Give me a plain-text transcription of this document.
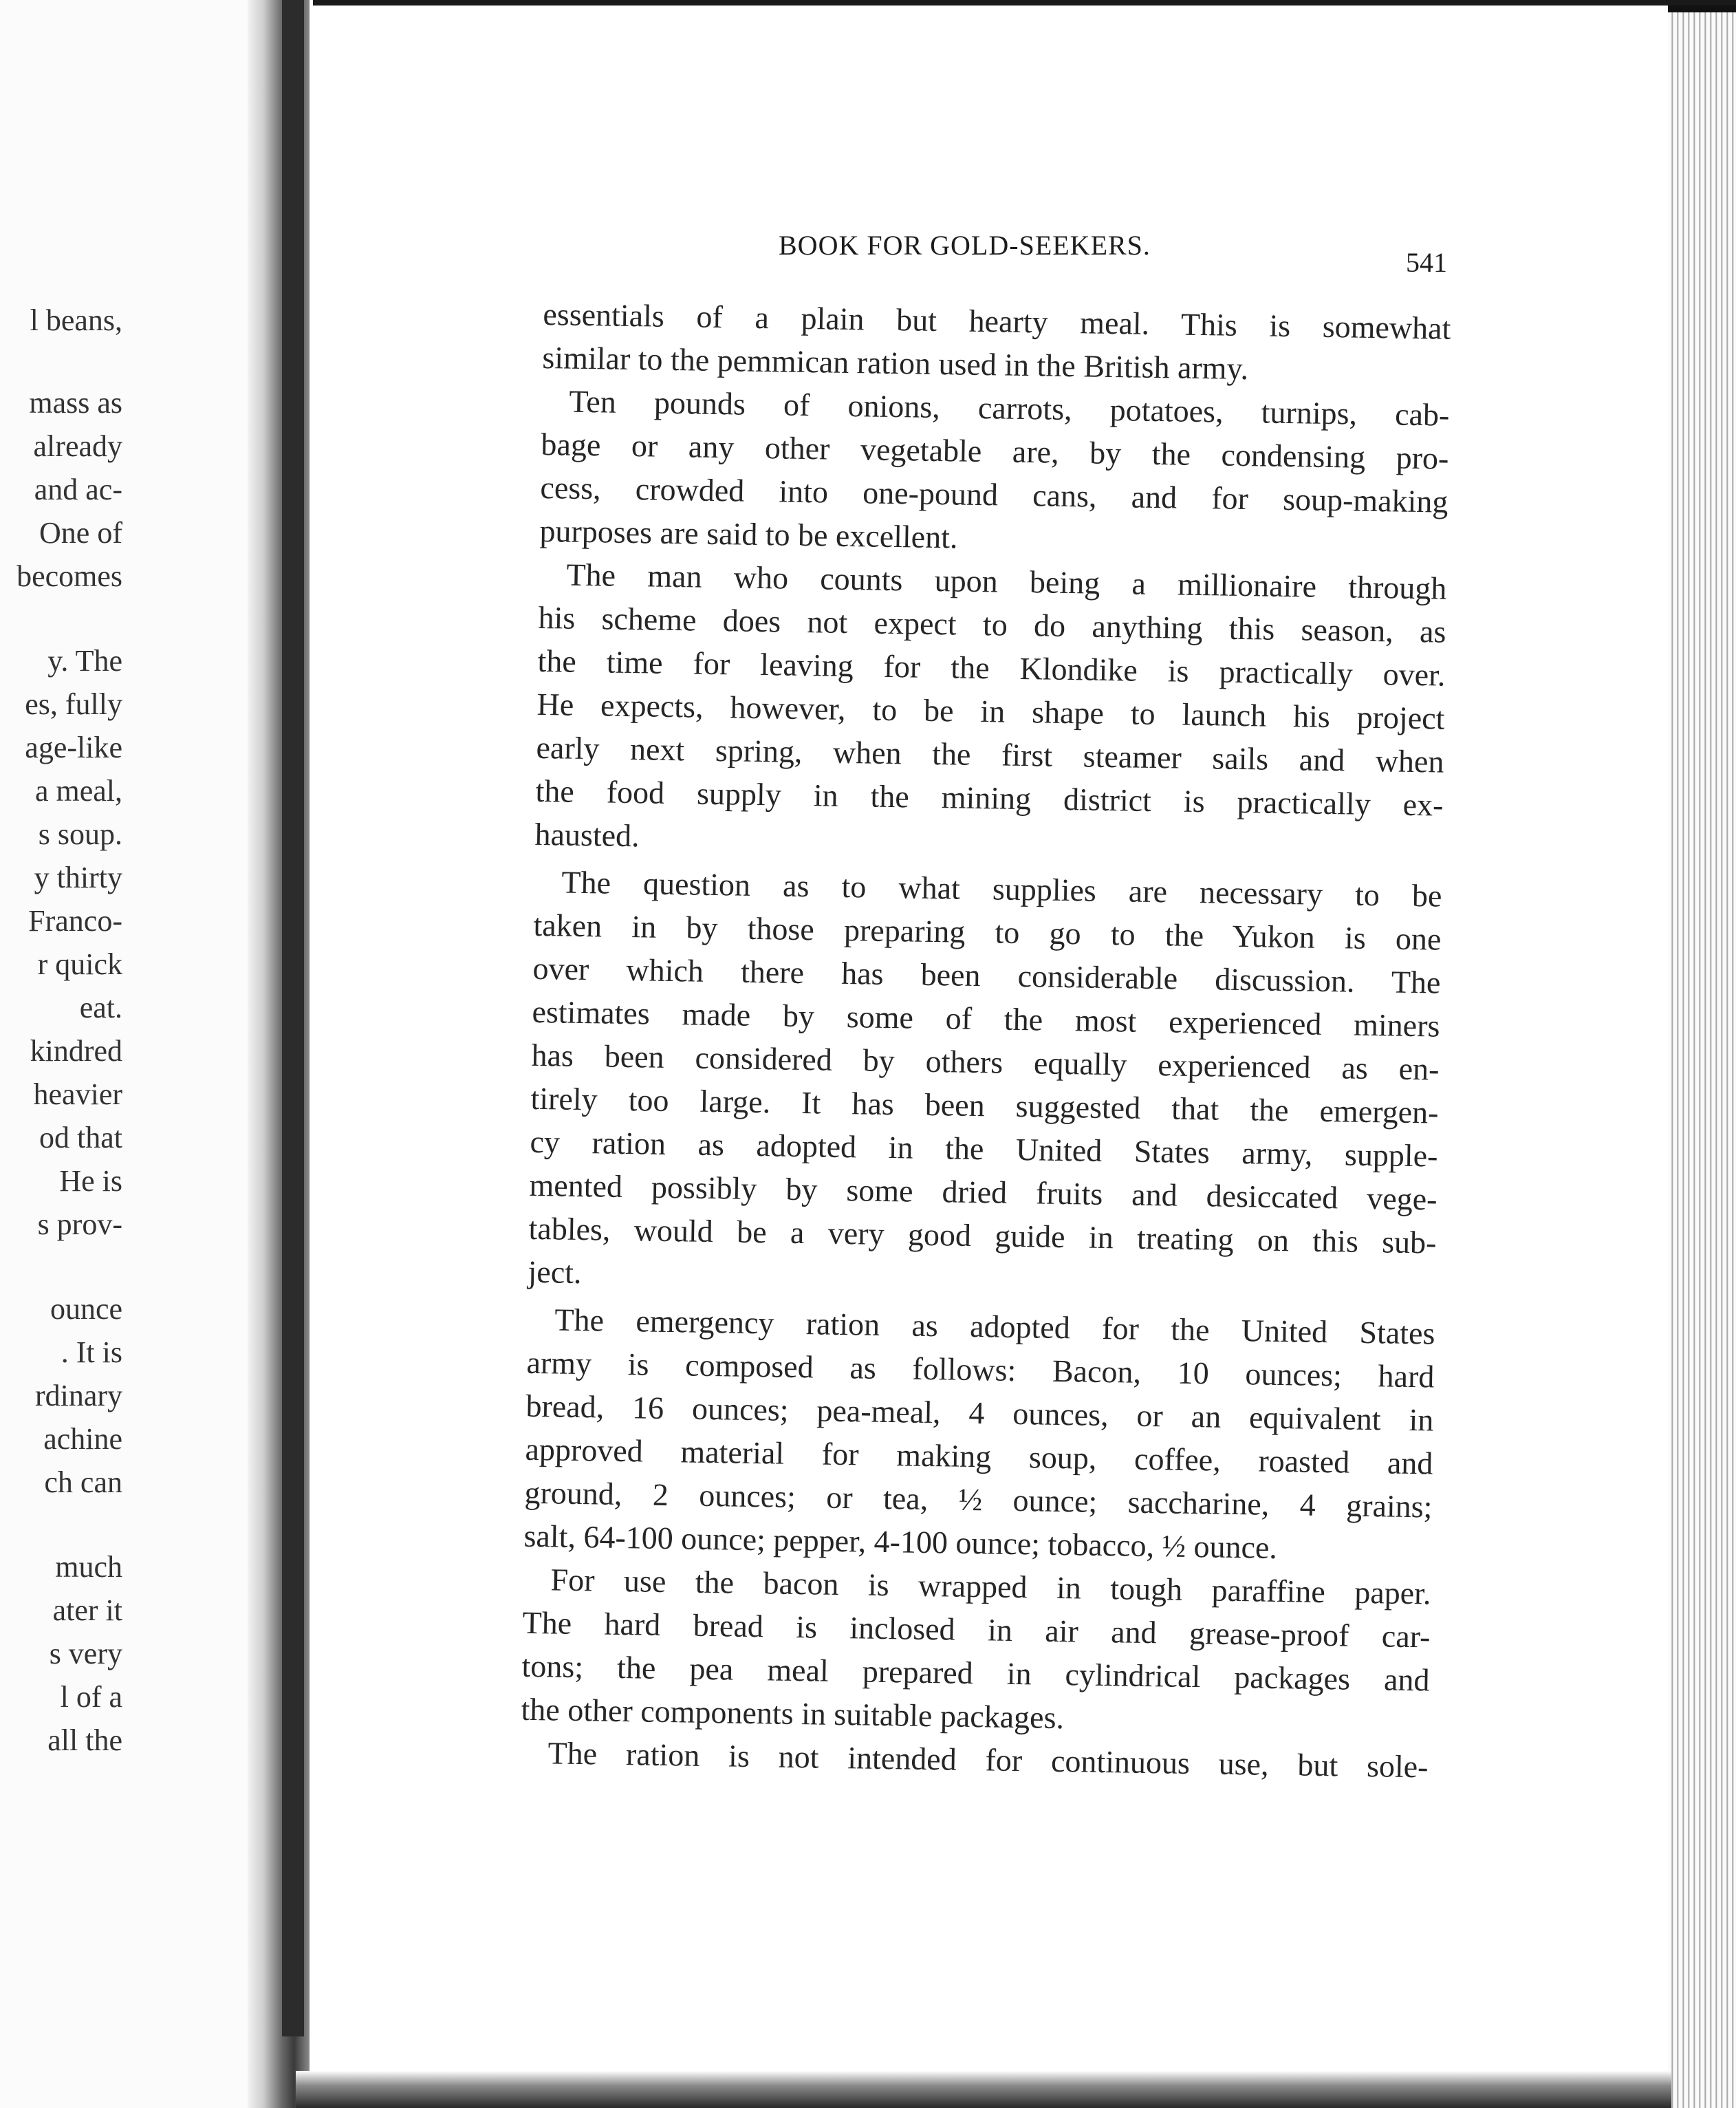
l beans,
mass as
already
and ac-
One of
becomes
y. The
es, fully
age-like
a meal,
s soup.
y thirty
Franco-
r quick
eat.
kindred
heavier
od that
He is
s prov-
ounce
. It is
rdinary
achine
ch can
much
ater it
s very
l of a
all the
BOOK FOR GOLD-SEEKERS.
541
essentials of a plain but hearty meal. This is somewhat
similar to the pemmican ration used in the British army.
Ten pounds of onions, carrots, potatoes, turnips, cab-
bage or any other vegetable are, by the condensing pro-
cess, crowded into one-pound cans, and for soup-making
purposes are said to be excellent.
The man who counts upon being a millionaire through
his scheme does not expect to do anything this season, as
the time for leaving for the Klondike is practically over.
He expects, however, to be in shape to launch his project
early next spring, when the first steamer sails and when
the food supply in the mining district is practically ex-
hausted.
The question as to what supplies are necessary to be
taken in by those preparing to go to the Yukon is one
over which there has been considerable discussion. The
estimates made by some of the most experienced miners
has been considered by others equally experienced as en-
tirely too large. It has been suggested that the emergen-
cy ration as adopted in the United States army, supple-
mented possibly by some dried fruits and desiccated vege-
tables, would be a very good guide in treating on this sub-
ject.
The emergency ration as adopted for the United States
army is composed as follows: Bacon, 10 ounces; hard
bread, 16 ounces; pea-meal, 4 ounces, or an equivalent in
approved material for making soup, coffee, roasted and
ground, 2 ounces; or tea, ½ ounce; saccharine, 4 grains;
salt, 64-100 ounce; pepper, 4-100 ounce; tobacco, ½ ounce.
For use the bacon is wrapped in tough paraffine paper.
The hard bread is inclosed in air and grease-proof car-
tons; the pea meal prepared in cylindrical packages and
the other components in suitable packages.
The ration is not intended for continuous use, but sole-
